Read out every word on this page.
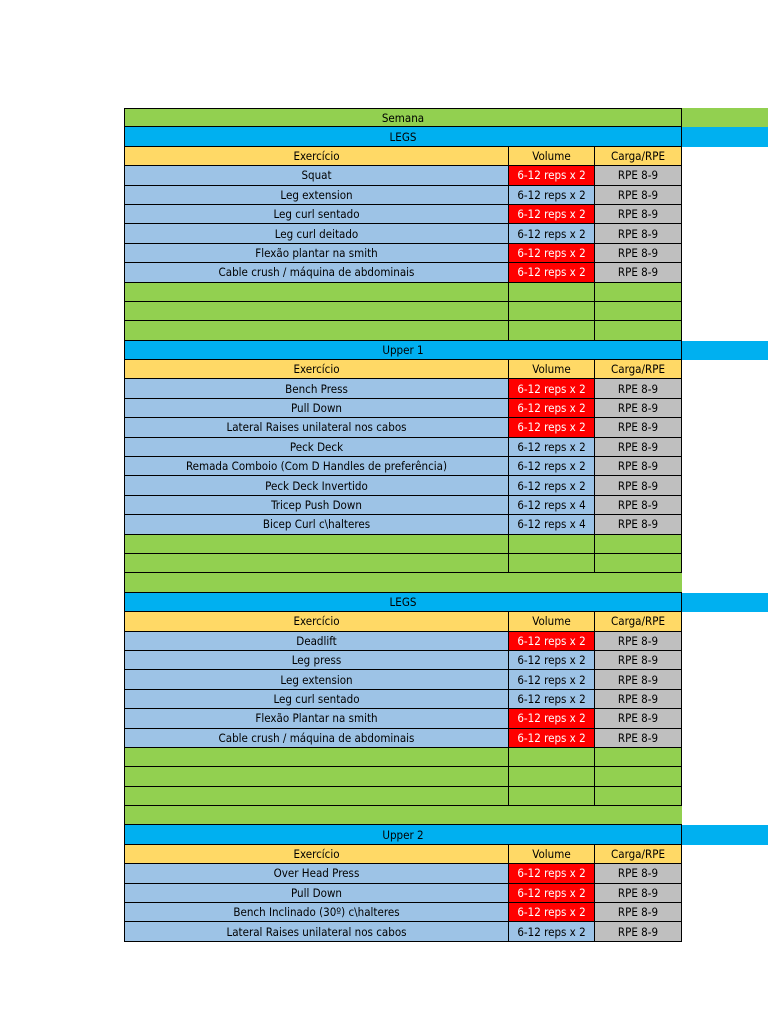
Semana
LEGS
Exercício	Volume	Carga/RPE
Squat	6-12 reps x 2	RPE 8-9
Leg extension	6-12 reps x 2	RPE 8-9
Leg curl sentado	6-12 reps x 2	RPE 8-9
Leg curl deitado	6-12 reps x 2	RPE 8-9
Flexão plantar na smith	6-12 reps x 2	RPE 8-9
Cable crush / máquina de abdominais	6-12 reps x 2	RPE 8-9
Upper 1
Exercício	Volume	Carga/RPE
Bench Press	6-12 reps x 2	RPE 8-9
Pull Down	6-12 reps x 2	RPE 8-9
Lateral Raises unilateral nos cabos	6-12 reps x 2	RPE 8-9
Peck Deck	6-12 reps x 2	RPE 8-9
Remada Comboio (Com D Handles de preferência)	6-12 reps x 2	RPE 8-9
Peck Deck Invertido	6-12 reps x 2	RPE 8-9
Tricep Push Down	6-12 reps x 4	RPE 8-9
Bicep Curl c\halteres	6-12 reps x 4	RPE 8-9
LEGS
Exercício	Volume	Carga/RPE
Deadlift	6-12 reps x 2	RPE 8-9
Leg press	6-12 reps x 2	RPE 8-9
Leg extension	6-12 reps x 2	RPE 8-9
Leg curl sentado	6-12 reps x 2	RPE 8-9
Flexão Plantar na smith	6-12 reps x 2	RPE 8-9
Cable crush / máquina de abdominais	6-12 reps x 2	RPE 8-9
Upper 2
Exercício	Volume	Carga/RPE
Over Head Press	6-12 reps x 2	RPE 8-9
Pull Down	6-12 reps x 2	RPE 8-9
Bench Inclinado (30º) c\halteres	6-12 reps x 2	RPE 8-9
Lateral Raises unilateral nos cabos	6-12 reps x 2	RPE 8-9
